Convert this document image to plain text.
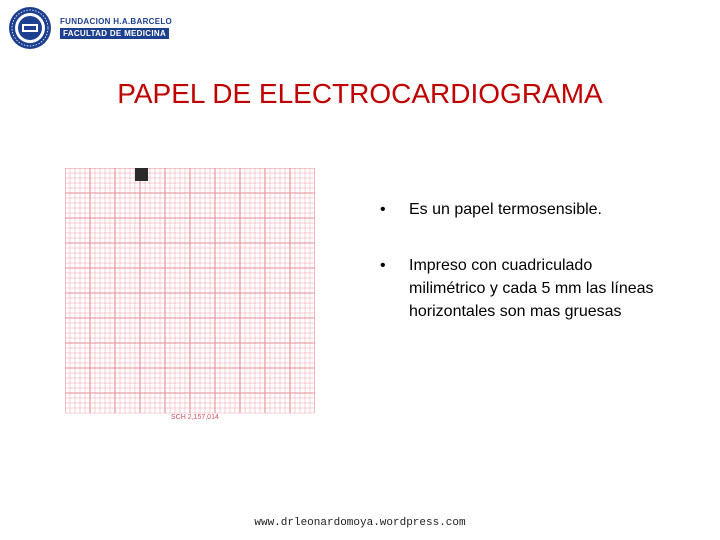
FUNDACION H.A.BARCELO
FACULTAD DE MEDICINA
PAPEL DE ELECTROCARDIOGRAMA
SCH 2,157,014
• Es un papel termosensible.
• Impreso con cuadriculado milimétrico y cada 5 mm las líneas horizontales son mas gruesas
www.drleonardomoya.wordpress.com
